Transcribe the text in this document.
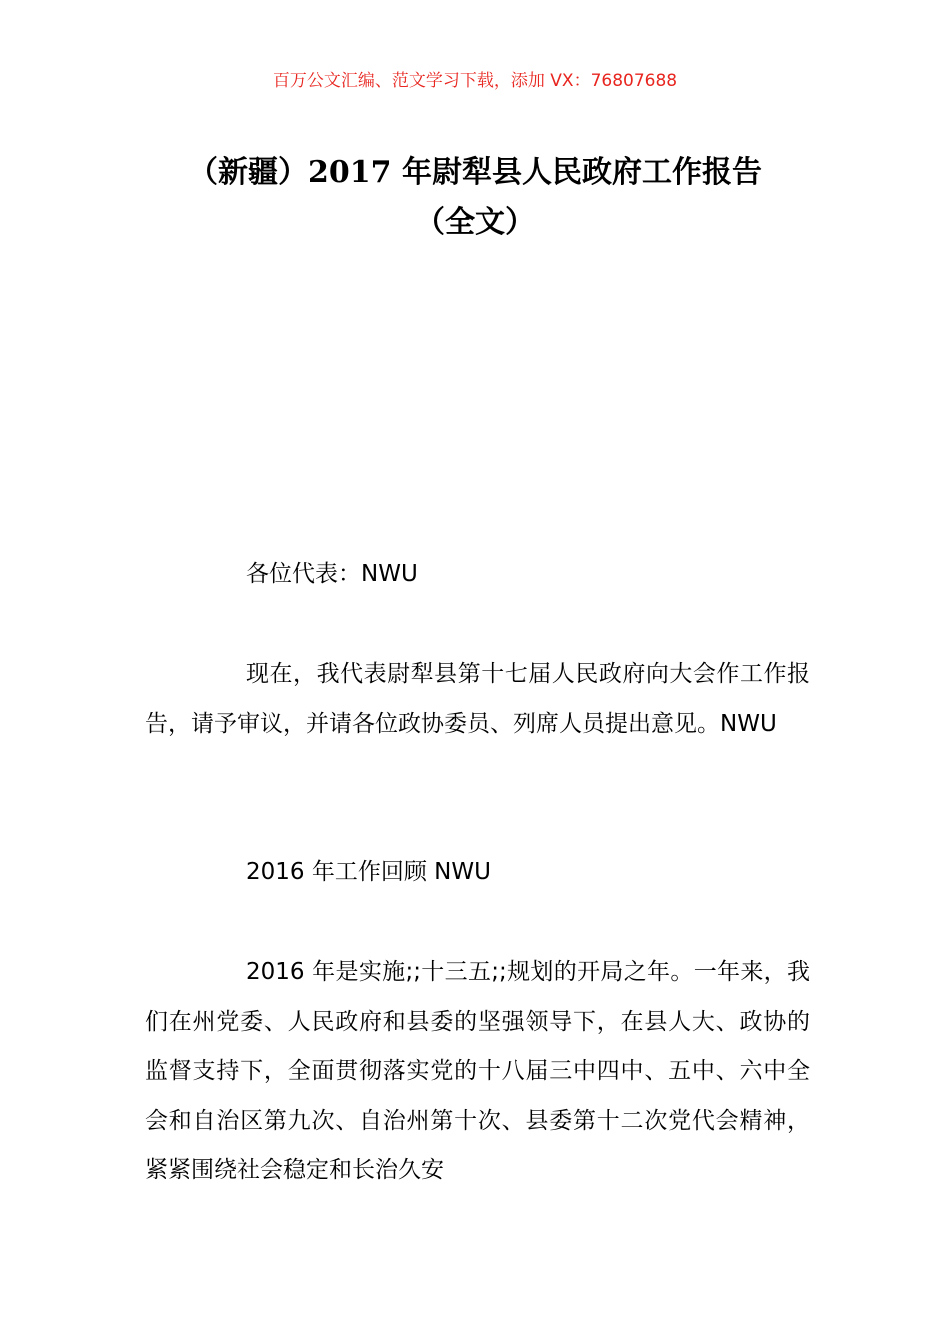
百万公文汇编、范文学习下载，添加 VX：76807688
（新疆）2017 年尉犁县人民政府工作报告
（全文）
各位代表：NWU
现在，我代表尉犁县第十七届人民政府向大会作工作报告，请予审议，并请各位政协委员、列席人员提出意见。NWU
2016 年工作回顾 NWU
2016 年是实施;;十三五;;规划的开局之年。一年来，我们在州党委、人民政府和县委的坚强领导下，在县人大、政协的监督支持下，全面贯彻落实党的十八届三中四中、五中、六中全会和自治区第九次、自治州第十次、县委第十二次党代会精神，紧紧围绕社会稳定和长治久安
